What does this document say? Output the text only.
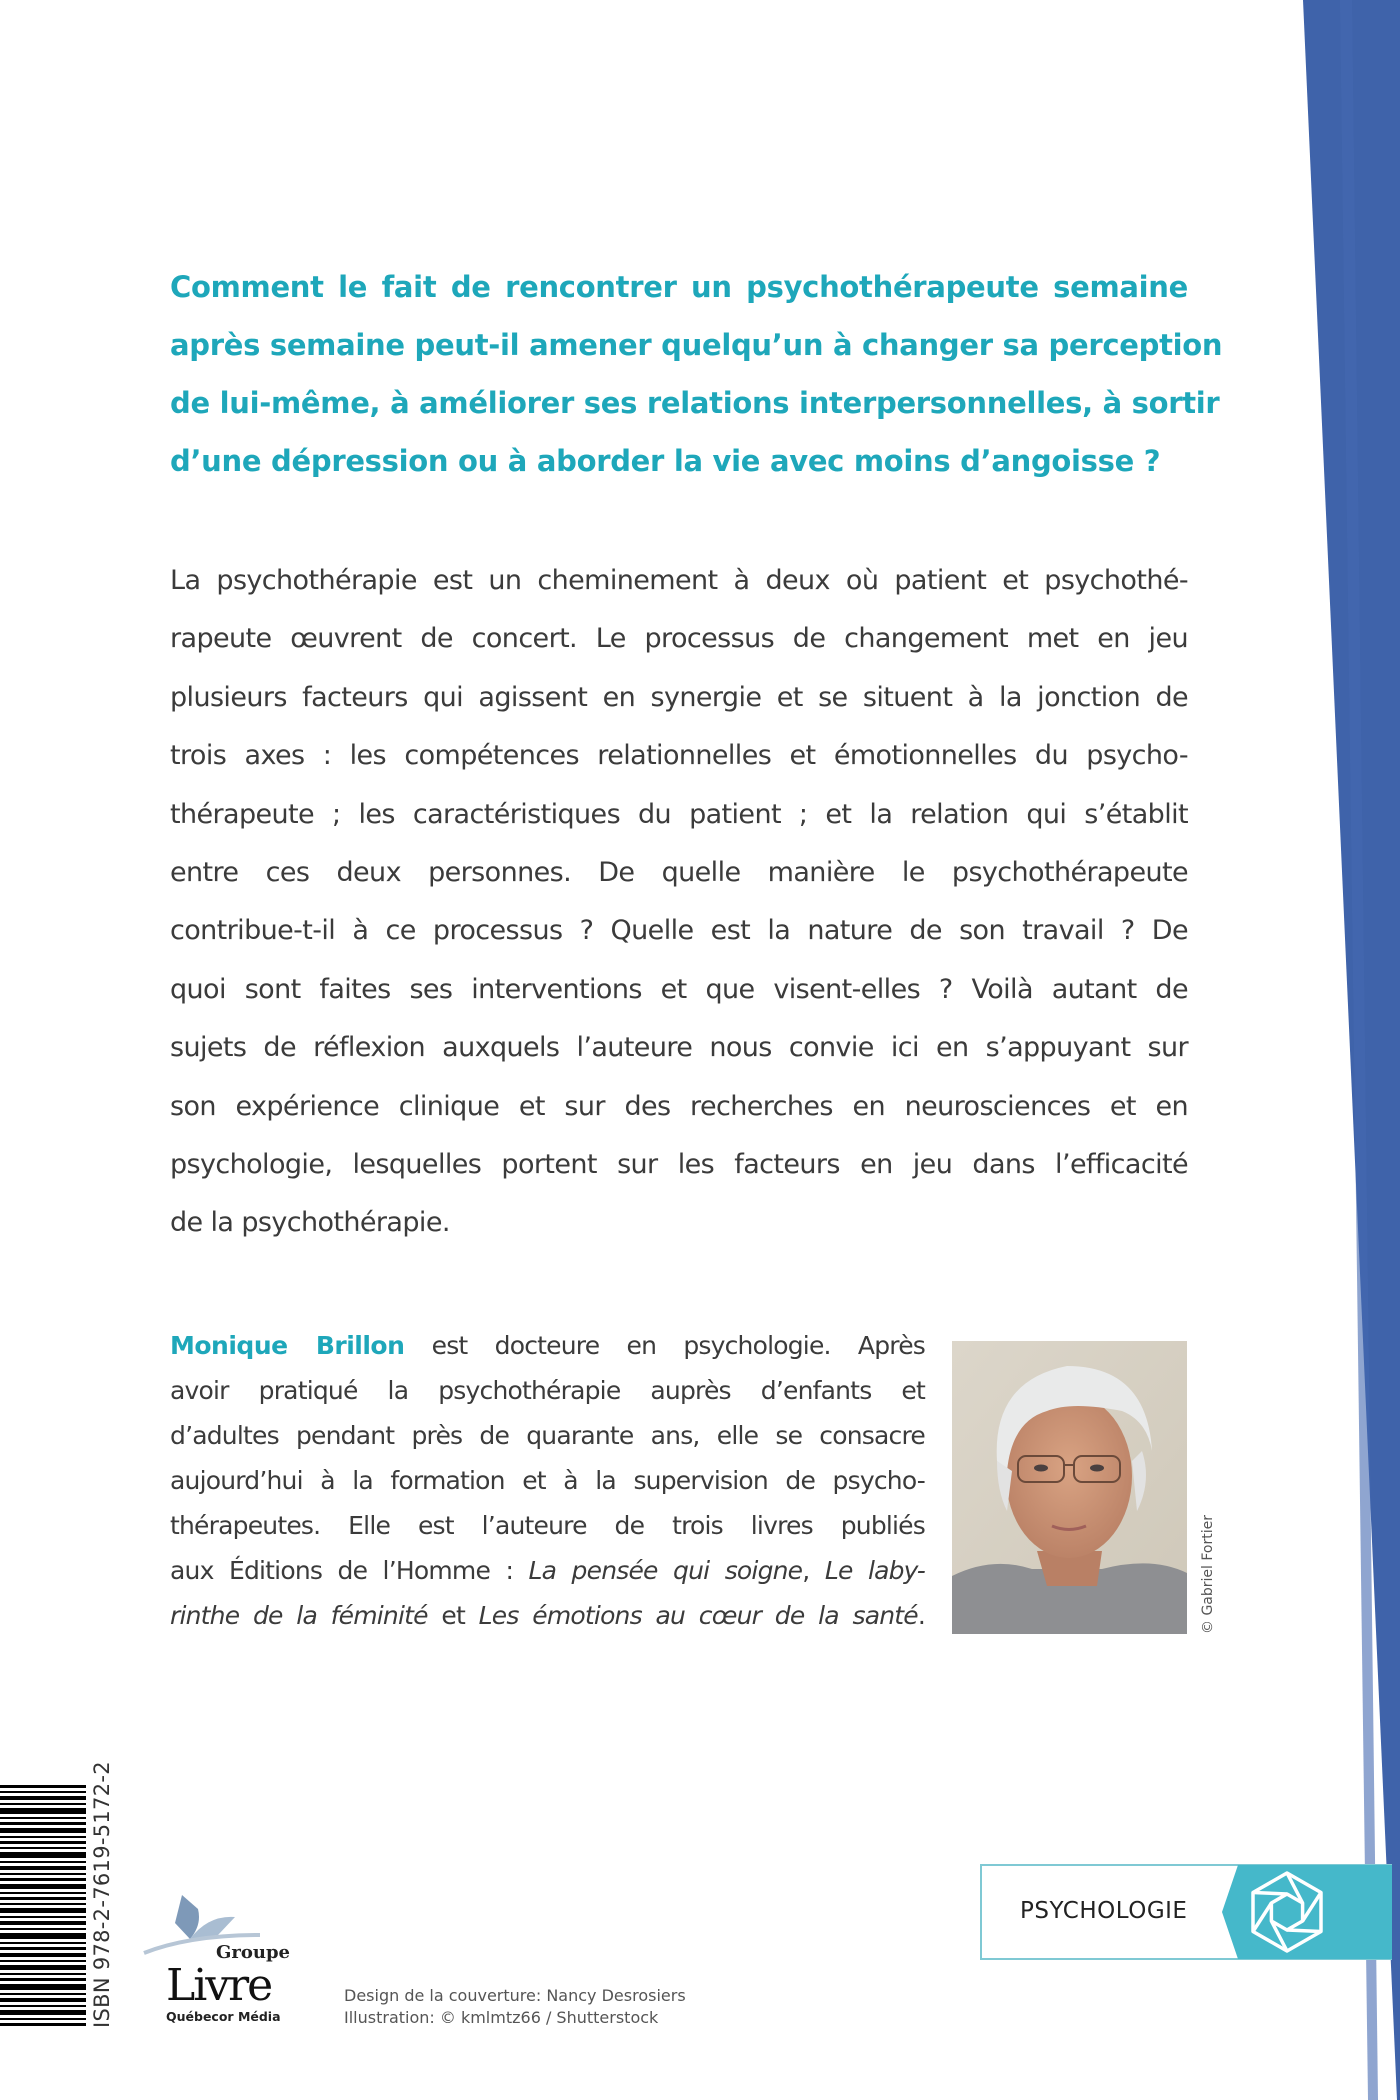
Comment le fait de rencontrer un psychothérapeute semaine
après semaine peut-il amener quelqu’un à changer sa perception
de lui-même, à améliorer ses relations interpersonnelles, à sortir
d’une dépression ou à aborder la vie avec moins d’angoisse ?
La psychothérapie est un cheminement à deux où patient et psychothé-
rapeute œuvrent de concert. Le processus de changement met en jeu
plusieurs facteurs qui agissent en synergie et se situent à la jonction de
trois axes : les compétences relationnelles et émotionnelles du psycho-
thérapeute ; les caractéristiques du patient ; et la relation qui s’établit
entre ces deux personnes. De quelle manière le psychothérapeute
contribue-t-il à ce processus ? Quelle est la nature de son travail ? De
quoi sont faites ses interventions et que visent-elles ? Voilà autant de
sujets de réflexion auxquels l’auteure nous convie ici en s’appuyant sur
son expérience clinique et sur des recherches en neurosciences et en
psychologie, lesquelles portent sur les facteurs en jeu dans l’efficacité
de la psychothérapie.
Monique Brillon est docteure en psychologie. Après
avoir pratiqué la psychothérapie auprès d’enfants et
d’adultes pendant près de quarante ans, elle se consacre
aujourd’hui à la formation et à la supervision de psycho-
thérapeutes. Elle est l’auteure de trois livres publiés
aux Éditions de l’Homme : La pensée qui soigne, Le laby-
rinthe de la féminité et Les émotions au cœur de la santé.	© Gabriel Fortier
ISBN 978-2-7619-5172-2	Groupe
Livre
Québecor Média
Design de la couverture: Nancy Desrosiers
Illustration: © kmlmtz66 / Shutterstock
PSYCHOLOGIE
